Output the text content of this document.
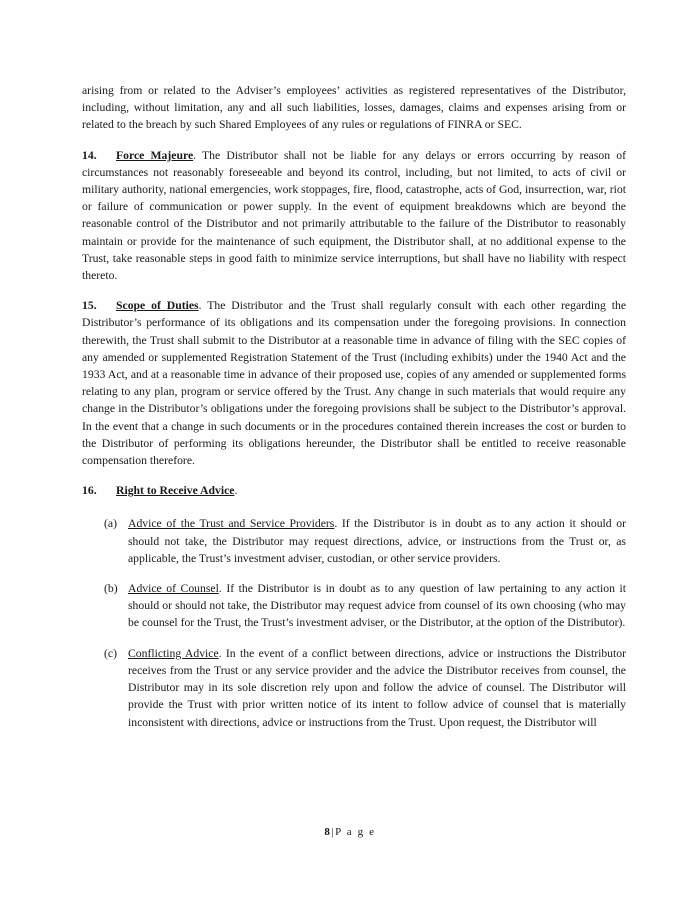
arising from or related to the Adviser’s employees’ activities as registered representatives of the Distributor, including, without limitation, any and all such liabilities, losses, damages, claims and expenses arising from or related to the breach by such Shared Employees of any rules or regulations of FINRA or SEC.

14. Force Majeure. The Distributor shall not be liable for any delays or errors occurring by reason of circumstances not reasonably foreseeable and beyond its control, including, but not limited, to acts of civil or military authority, national emergencies, work stoppages, fire, flood, catastrophe, acts of God, insurrection, war, riot or failure of communication or power supply. In the event of equipment breakdowns which are beyond the reasonable control of the Distributor and not primarily attributable to the failure of the Distributor to reasonably maintain or provide for the maintenance of such equipment, the Distributor shall, at no additional expense to the Trust, take reasonable steps in good faith to minimize service interruptions, but shall have no liability with respect thereto.

15. Scope of Duties. The Distributor and the Trust shall regularly consult with each other regarding the Distributor’s performance of its obligations and its compensation under the foregoing provisions. In connection therewith, the Trust shall submit to the Distributor at a reasonable time in advance of filing with the SEC copies of any amended or supplemented Registration Statement of the Trust (including exhibits) under the 1940 Act and the 1933 Act, and at a reasonable time in advance of their proposed use, copies of any amended or supplemented forms relating to any plan, program or service offered by the Trust. Any change in such materials that would require any change in the Distributor’s obligations under the foregoing provisions shall be subject to the Distributor’s approval. In the event that a change in such documents or in the procedures contained therein increases the cost or burden to the Distributor of performing its obligations hereunder, the Distributor shall be entitled to receive reasonable compensation therefore.

16. Right to Receive Advice.

(a) Advice of the Trust and Service Providers. If the Distributor is in doubt as to any action it should or should not take, the Distributor may request directions, advice, or instructions from the Trust or, as applicable, the Trust’s investment adviser, custodian, or other service providers.

(b) Advice of Counsel. If the Distributor is in doubt as to any question of law pertaining to any action it should or should not take, the Distributor may request advice from counsel of its own choosing (who may be counsel for the Trust, the Trust’s investment adviser, or the Distributor, at the option of the Distributor).

(c) Conflicting Advice. In the event of a conflict between directions, advice or instructions the Distributor receives from the Trust or any service provider and the advice the Distributor receives from counsel, the Distributor may in its sole discretion rely upon and follow the advice of counsel. The Distributor will provide the Trust with prior written notice of its intent to follow advice of counsel that is materially inconsistent with directions, advice or instructions from the Trust. Upon request, the Distributor will

8|P a g e
